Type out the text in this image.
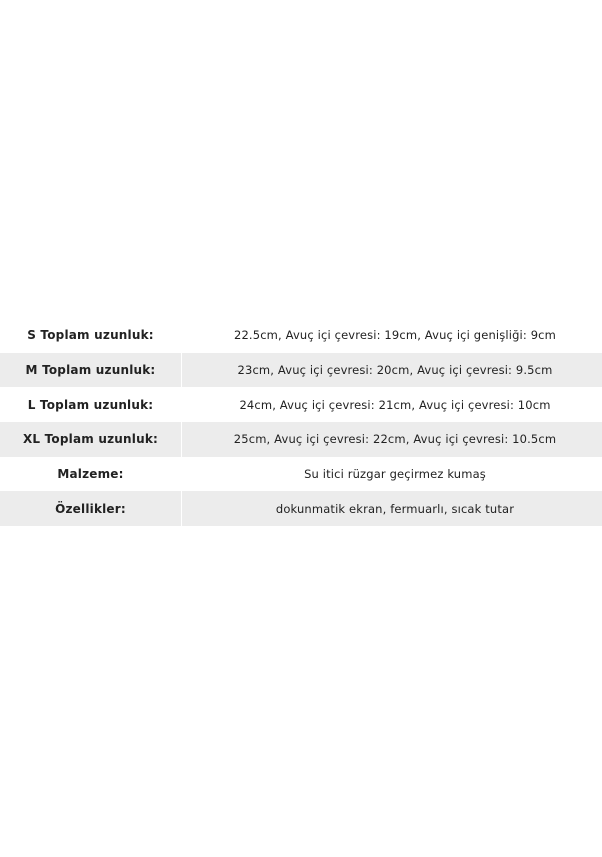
S Toplam uzunluk:	22.5cm, Avuç içi çevresi: 19cm, Avuç içi genişliği: 9cm
M Toplam uzunluk:	23cm, Avuç içi çevresi: 20cm, Avuç içi çevresi: 9.5cm
L Toplam uzunluk:	24cm, Avuç içi çevresi: 21cm, Avuç içi çevresi: 10cm
XL Toplam uzunluk:	25cm, Avuç içi çevresi: 22cm, Avuç içi çevresi: 10.5cm
Malzeme:	Su itici rüzgar geçirmez kumaş
Özellikler:	dokunmatik ekran, fermuarlı, sıcak tutar
